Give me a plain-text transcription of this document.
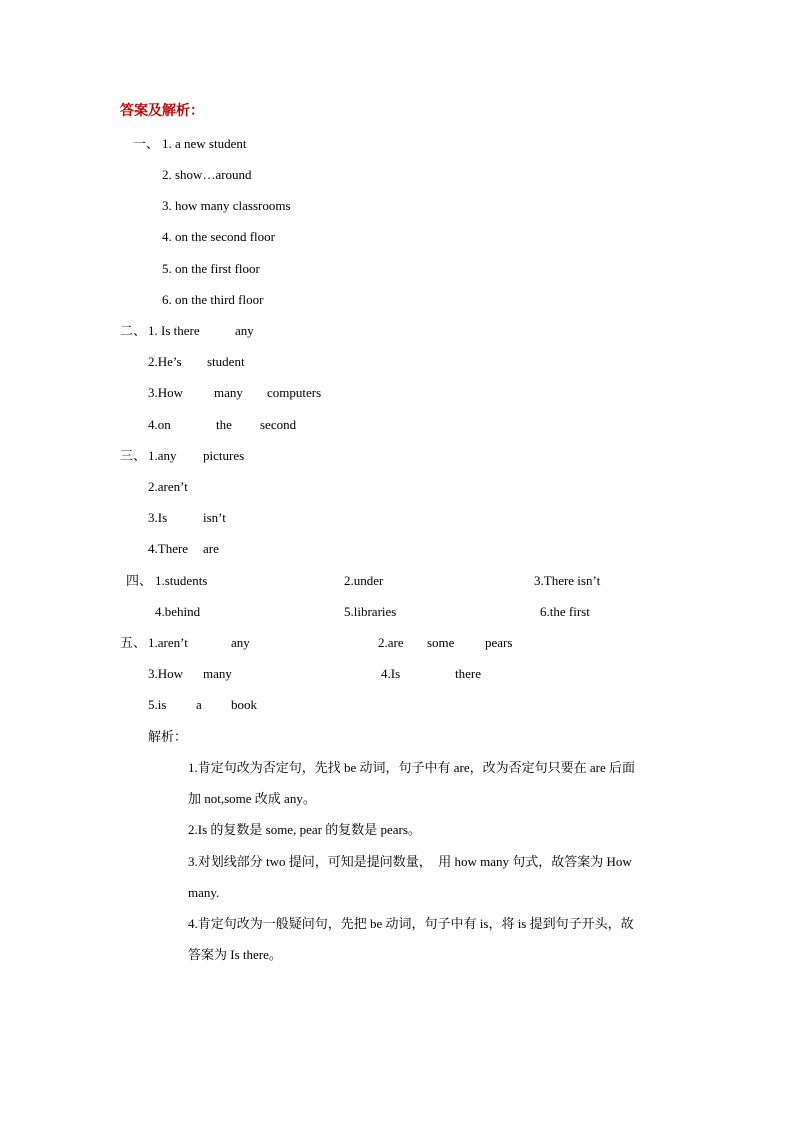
答案及解析：
一、 1. a new student
2. show…around
3. how many classrooms
4. on the second floor
5. on the first floor
6. on the third floor
二、 1. Is there	any
2.He’s student
3.How many computers
4.on	the second
三、 1.any pictures
2.aren’t
3.Is	isn’t
4.There are
四、 1.students	2.under	3.There isn’t
4.behind	5.libraries	6.the first
五、 1.aren’t	any	2.are some pears
3.How many	4.Is	there
5.is a book
解析：
1.肯定句改为否定句，先找 be 动词，句子中有 are，改为否定句只要在 are 后面
加 not,some 改成 any。
2.Is 的复数是 some, pear 的复数是 pears。
3.对划线部分 two 提问，可知是提问数量，  用 how many 句式，故答案为 How
many.
4.肯定句改为一般疑问句，先把 be 动词，句子中有 is，将 is 提到句子开头，故
答案为 Is there。
